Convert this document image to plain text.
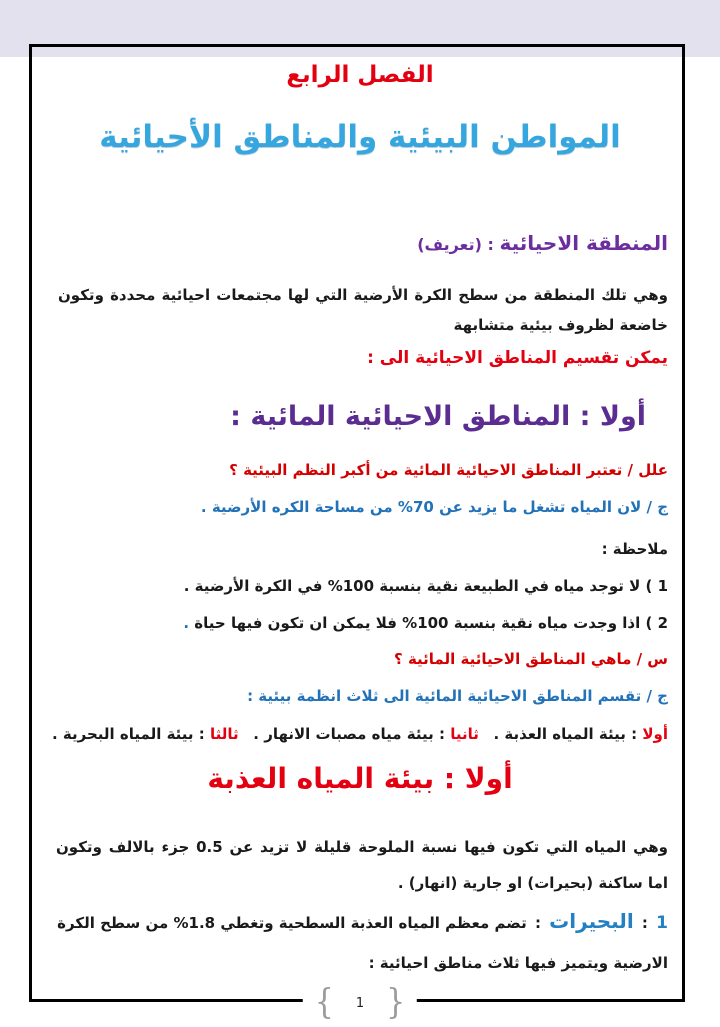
الفصل الرابع
المواطن البيئية والمناطق الأحيائية
المنطقة الاحيائية : (تعريف)
وهي تلك المنطقة من سطح الكرة الأرضية التي لها مجتمعات احيائية محددة وتكون خاضعة لظروف بيئية متشابهة
يمكن تقسيم المناطق الاحيائية الى :
أولا : المناطق الاحيائية المائية :
علل / تعتبر المناطق الاحيائية المائية من أكبر النظم البيئية ؟
ج / لان المياه تشغل ما يزيد عن 70% من مساحة الكره الأرضية .
ملاحظة :
1 ) لا توجد مياه في الطبيعة نقية بنسبة 100% في الكرة الأرضية .
2 ) اذا وجدت مياه نقية بنسبة 100% فلا يمكن ان تكون فيها حياة .
س / ماهي المناطق الاحيائية المائية ؟
ج / تقسم المناطق الاحيائية المائية الى ثلاث انظمة بيئية :
أولا : بيئة المياه العذبة .
ثانيا : بيئة مياه مصبات الانهار .
ثالثا : بيئة المياه البحرية .
أولا : بيئة المياه العذبة
وهي المياه التي تكون فيها نسبة الملوحة قليلة لا تزيد عن 0.5 جزء بالالف وتكون اما ساكنة (بحيرات) او جارية (انهار) .
1 : البحيرات : تضم معظم المياه العذبة السطحية وتغطي 1.8% من سطح الكرة الارضية ويتميز فيها ثلاث مناطق احيائية :
{ 1 }
